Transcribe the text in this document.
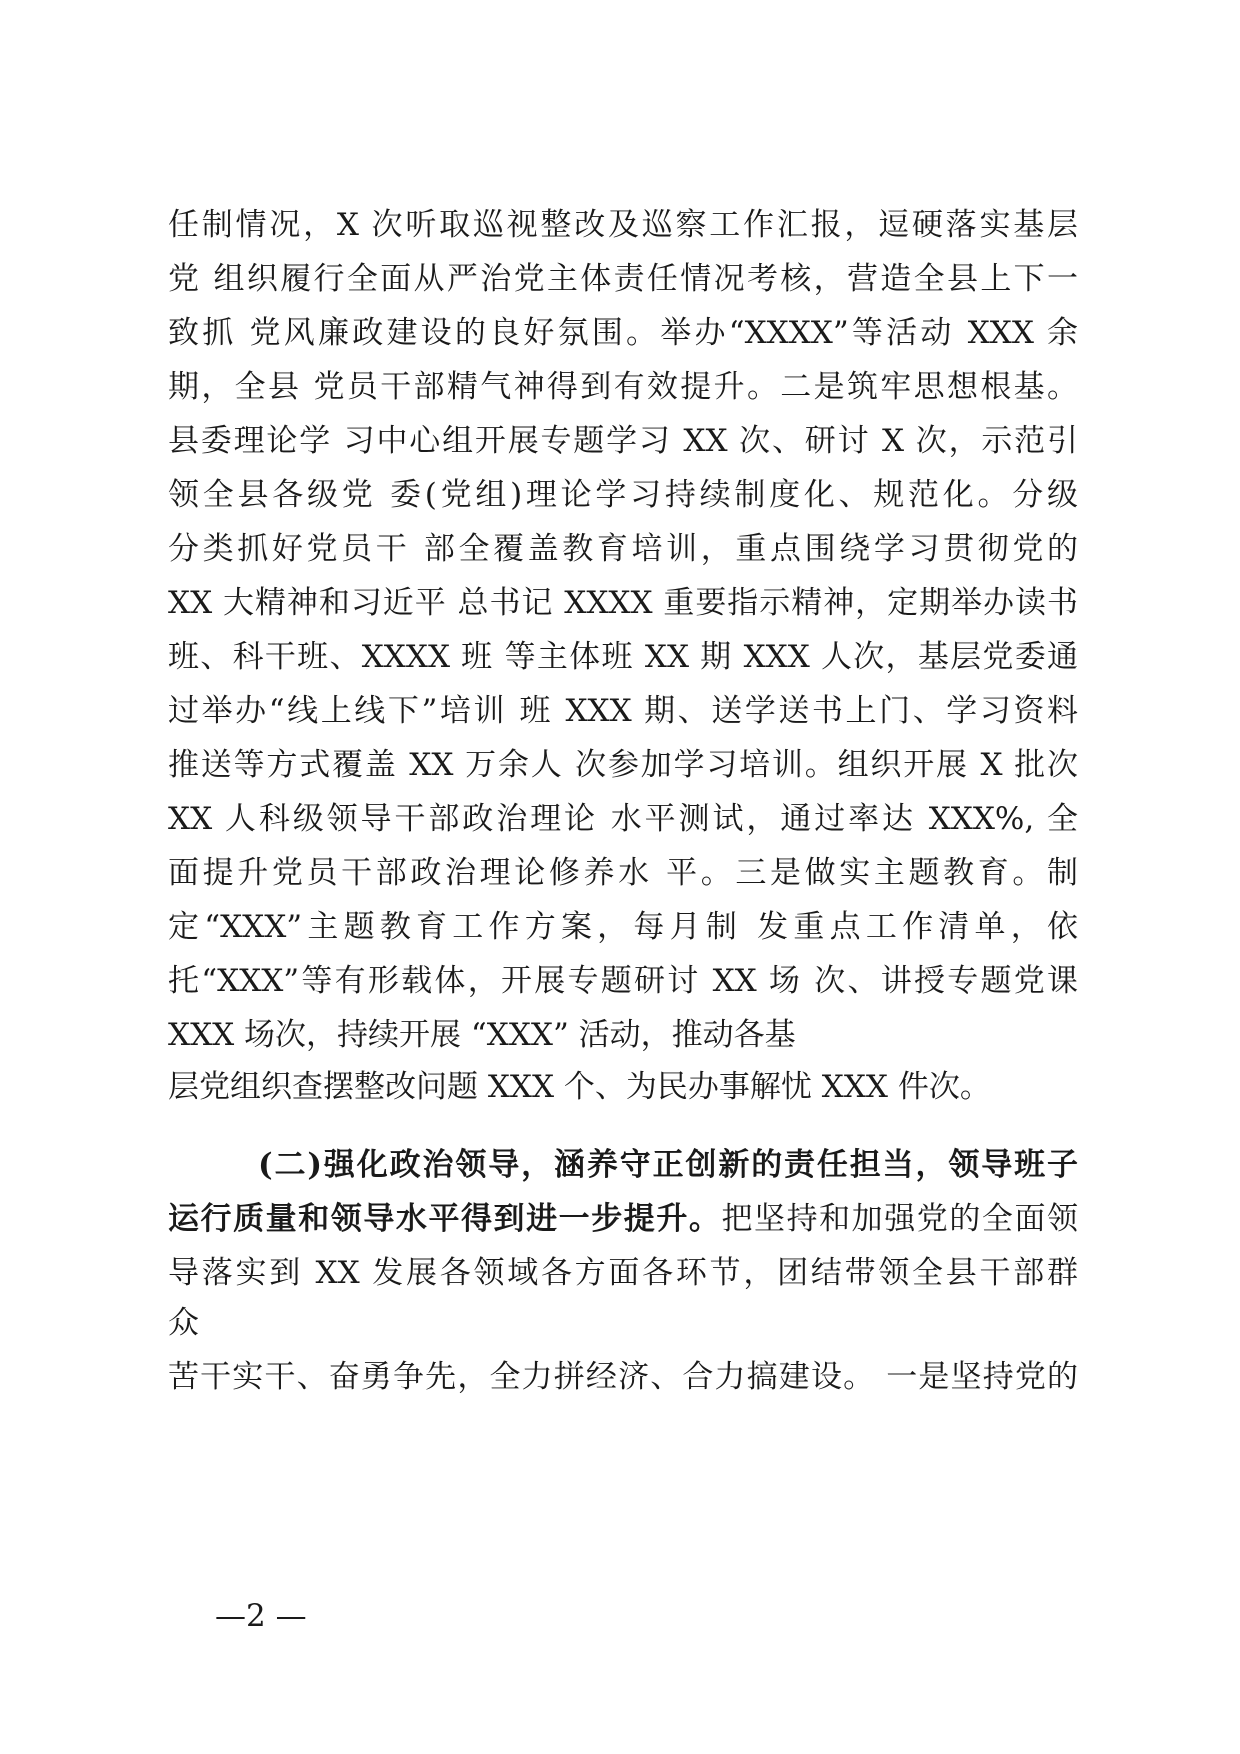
任制情况，X 次听取巡视整改及巡察工作汇报，逗硬落实基层
党 组织履行全面从严治党主体责任情况考核，营造全县上下一
致抓 党风廉政建设的良好氛围。举办“XXXX”等活动 XXX 余
期，全县 党员干部精气神得到有效提升。二是筑牢思想根基。
县委理论学 习中心组开展专题学习 XX 次、研讨 X 次，示范引
领全县各级党 委(党组)理论学习持续制度化、规范化。分级
分类抓好党员干 部全覆盖教育培训，重点围绕学习贯彻党的
XX 大精神和习近平 总书记 XXXX 重要指示精神，定期举办读书
班、科干班、XXXX 班 等主体班 XX 期 XXX 人次，基层党委通
过举办“线上线下”培训 班 XXX 期、送学送书上门、学习资料
推送等方式覆盖 XX 万余人 次参加学习培训。组织开展 X 批次
XX 人科级领导干部政治理论 水平测试，通过率达 XXX%, 全
面提升党员干部政治理论修养水 平。三是做实主题教育。制
定“XXX”主题教育工作方案，每月制 发重点工作清单，依
托“XXX”等有形载体，开展专题研讨 XX 场 次、讲授专题党课
XXX 场次，持续开展 “XXX” 活动，推动各基
层党组织查摆整改问题 XXX 个、为民办事解忧 XXX 件次。
(二)强化政治领导，涵养守正创新的责任担当，领导班子
运行质量和领导水平得到进一步提升。把坚持和加强党的全面领
导落实到 XX 发展各领域各方面各环节，团结带领全县干部群
众
苦干实干、奋勇争先，全力拼经济、合力搞建设。 一是坚持党的
—2 —
